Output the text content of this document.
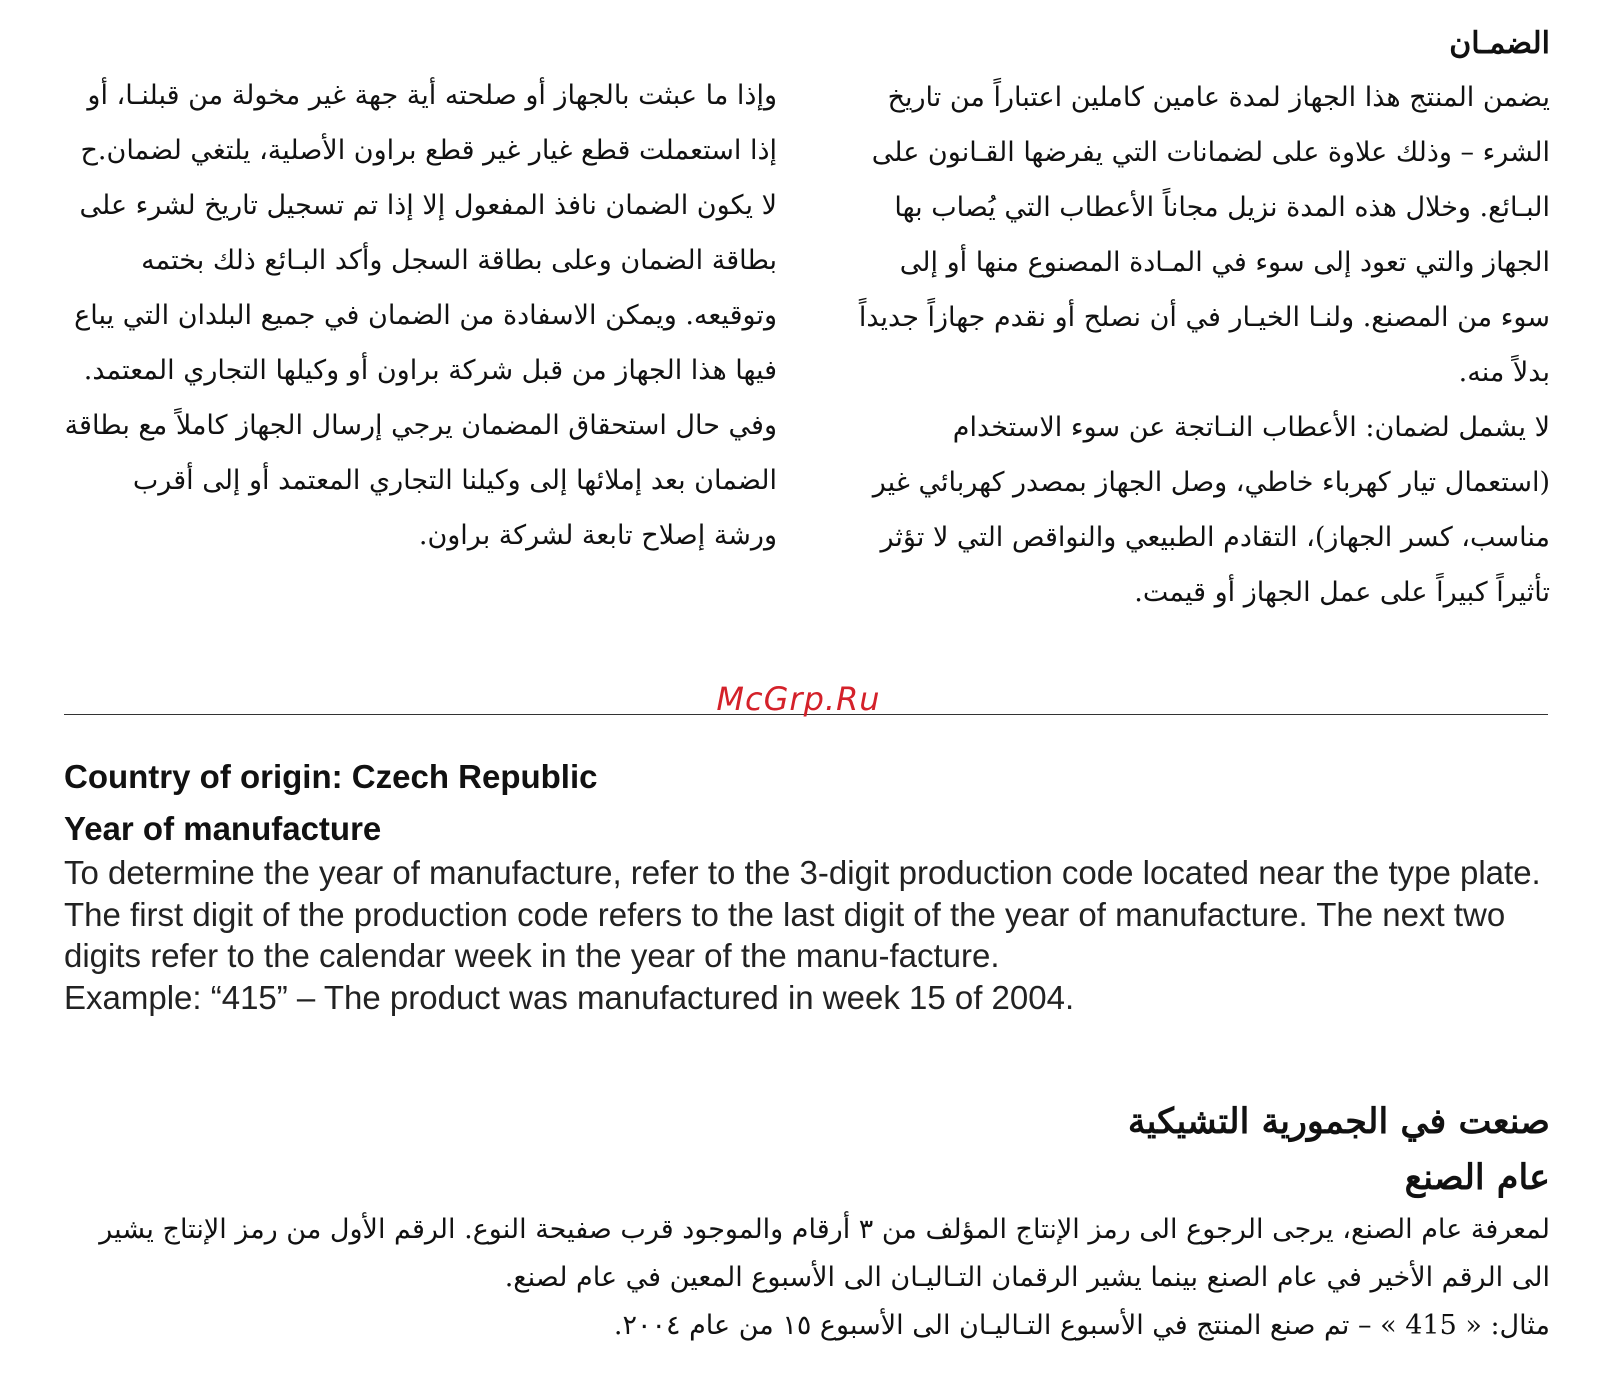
الضمـان

يضمن المنتج هذا الجهاز لمدة عامين كاملين اعتباراً من تاريخ الشرء – وذلك علاوة على لضمانات التي يفرضها القـانون على البـائع. وخلال هذه المدة نزيل مجاناً الأعطاب التي يُصاب بها الجهاز والتي تعود إلى سوء في المـادة المصنوع منها أو إلى سوء من المصنع. ولنـا الخيـار في أن نصلح أو نقدم جهازاً جديداً بدلاً منه.

لا يشمل لضمان: الأعطاب النـاتجة عن سوء الاستخدام (استعمال تيار كهرباء خاطي، وصل الجهاز بمصدر كهربائي غير مناسب، كسر الجهاز)، التقادم الطبيعي والنواقص التي لا تؤثر تأثيراً كبيراً على عمل الجهاز أو قيمت.

وإذا ما عبثت بالجهاز أو صلحته أية جهة غير مخولة من قبلنـا، أو إذا استعملت قطع غيار غير قطع براون الأصلية، يلتغي لضمان.ح

لا يكون الضمان نافذ المفعول إلا إذا تم تسجيل تاريخ لشرء على بطاقة الضمان وعلى بطاقة السجل وأكد البـائع ذلك بختمه وتوقيعه. ويمكن الاسفادة من الضمان في جميع البلدان التي يباع فيها هذا الجهاز من قبل شركة براون أو وكيلها التجاري المعتمد.

وفي حال استحقاق المضمان يرجي إرسال الجهاز كاملاً مع بطاقة الضمان بعد إملائها إلى وكيلنا التجاري المعتمد أو إلى أقرب ورشة إصلاح تابعة لشركة براون.

McGrp.Ru
Country of origin: Czech Republic
Year of manufacture

To determine the year of manufacture, refer to the 3-digit production code located near the type plate. The first digit of the production code refers to the last digit of the year of manufacture. The next two digits refer to the calendar week in the year of the manu-facture.

Example: “415” – The product was manufactured in week 15 of 2004.

صنعت في الجمورية التشيكية
عام الصنع

لمعرفة عام الصنع، يرجى الرجوع الى رمز الإنتاج المؤلف من ٣ أرقام والموجود قرب صفيحة النوع. الرقم الأول من رمز الإنتاج يشير الى الرقم الأخير في عام الصنع بينما يشير الرقمان التـاليـان الى الأسبوع المعين في عام لصنع.

مثال: « 415 » – تم صنع المنتج في الأسبوع التـاليـان الى الأسبوع ١٥ من عام ٢٠٠٤.
